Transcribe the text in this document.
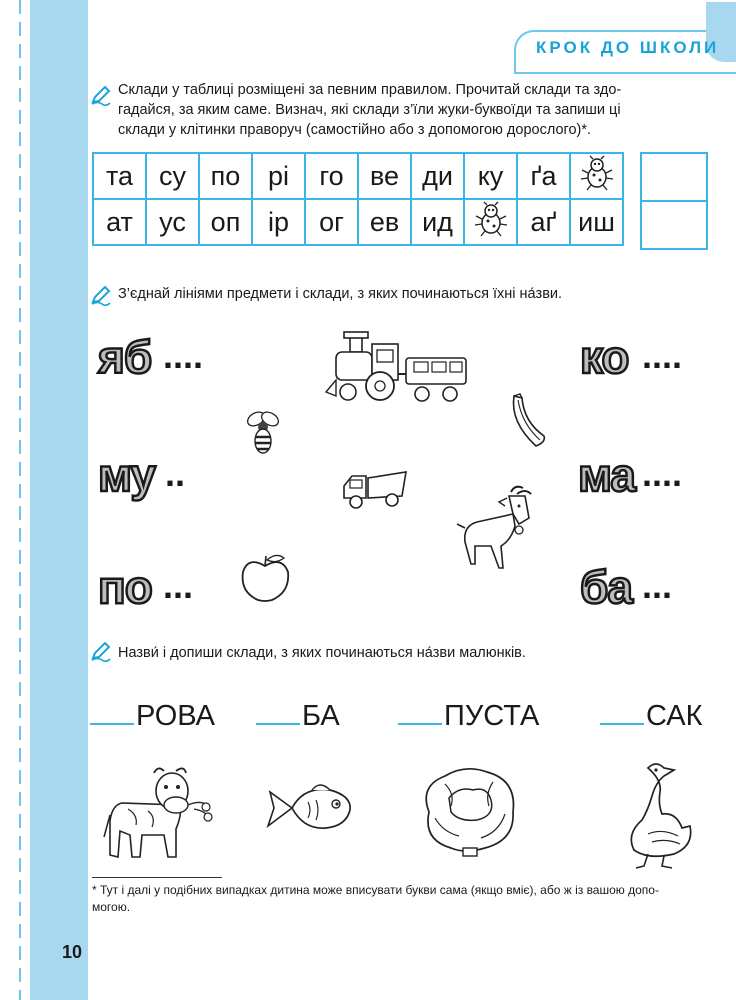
КРОК ДО ШКОЛИ
Склади у таблиці розміщені за певним правилом. Прочитай склади та здо-
гадайся, за яким саме. Визнач, які склади з’їли жуки-буквоїди та запиши ці
склади у клітинки праворуч (самостійно або з допомогою дорослого)*.
та	су	по	рі	го	ве	ди	ку	ґа	
ат	ус	оп	ір	ог	ев	ид		аґ	иш

З’єднай лініями предмети і склади, з яких починаються їхні на́зви.
яб ....
му ..
по ...
ко ....
ма ....
ба ...
Назви́ і допиши склади, з яких починаються на́зви малюнків.
РОВА	БА	ПУСТА	САК
* Тут і далі у подібних випадках дитина може вписувати букви сама (якщо вміє), або ж із вашою допо-
могою.
10
